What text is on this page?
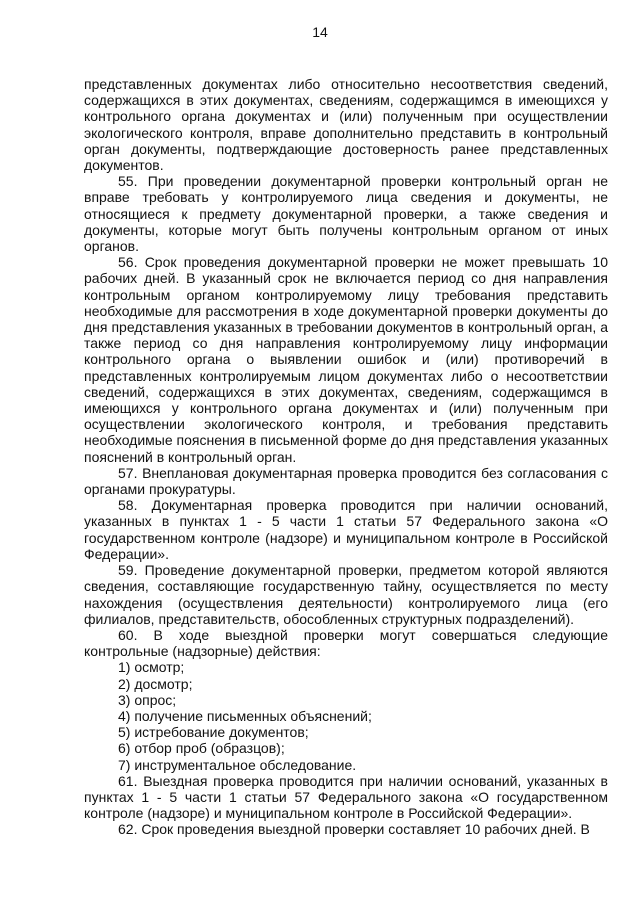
14

представленных документах либо относительно несоответствия сведений, содержащихся в этих документах, сведениям, содержащимся в имеющихся у контрольного органа документах и (или) полученным при осуществлении экологического контроля, вправе дополнительно представить в контрольный орган документы, подтверждающие достоверность ранее представленных документов.

55. При проведении документарной проверки контрольный орган не вправе требовать у контролируемого лица сведения и документы, не относящиеся к предмету документарной проверки, а также сведения и документы, которые могут быть получены контрольным органом от иных органов.

56. Срок проведения документарной проверки не может превышать 10 рабочих дней. В указанный срок не включается период со дня направления контрольным органом контролируемому лицу требования представить необходимые для рассмотрения в ходе документарной проверки документы до дня представления указанных в требовании документов в контрольный орган, а также период со дня направления контролируемому лицу информации контрольного органа о выявлении ошибок и (или) противоречий в представленных контролируемым лицом документах либо о несоответствии сведений, содержащихся в этих документах, сведениям, содержащимся в имеющихся у контрольного органа документах и (или) полученным при осуществлении экологического контроля, и требования представить необходимые пояснения в письменной форме до дня представления указанных пояснений в контрольный орган.

57. Внеплановая документарная проверка проводится без согласования с органами прокуратуры.

58. Документарная проверка проводится при наличии оснований, указанных в пунктах 1 - 5 части 1 статьи 57 Федерального закона «О государственном контроле (надзоре) и муниципальном контроле в Российской Федерации».

59. Проведение документарной проверки, предметом которой являются сведения, составляющие государственную тайну, осуществляется по месту нахождения (осуществления деятельности) контролируемого лица (его филиалов, представительств, обособленных структурных подразделений).

60. В ходе выездной проверки могут совершаться следующие контрольные (надзорные) действия:

1) осмотр;

2) досмотр;

3) опрос;

4) получение письменных объяснений;

5) истребование документов;

6) отбор проб (образцов);

7) инструментальное обследование.

61. Выездная проверка проводится при наличии оснований, указанных в пунктах 1 - 5 части 1 статьи 57 Федерального закона «О государственном контроле (надзоре) и муниципальном контроле в Российской Федерации».

62. Срок проведения выездной проверки составляет 10 рабочих дней. В
